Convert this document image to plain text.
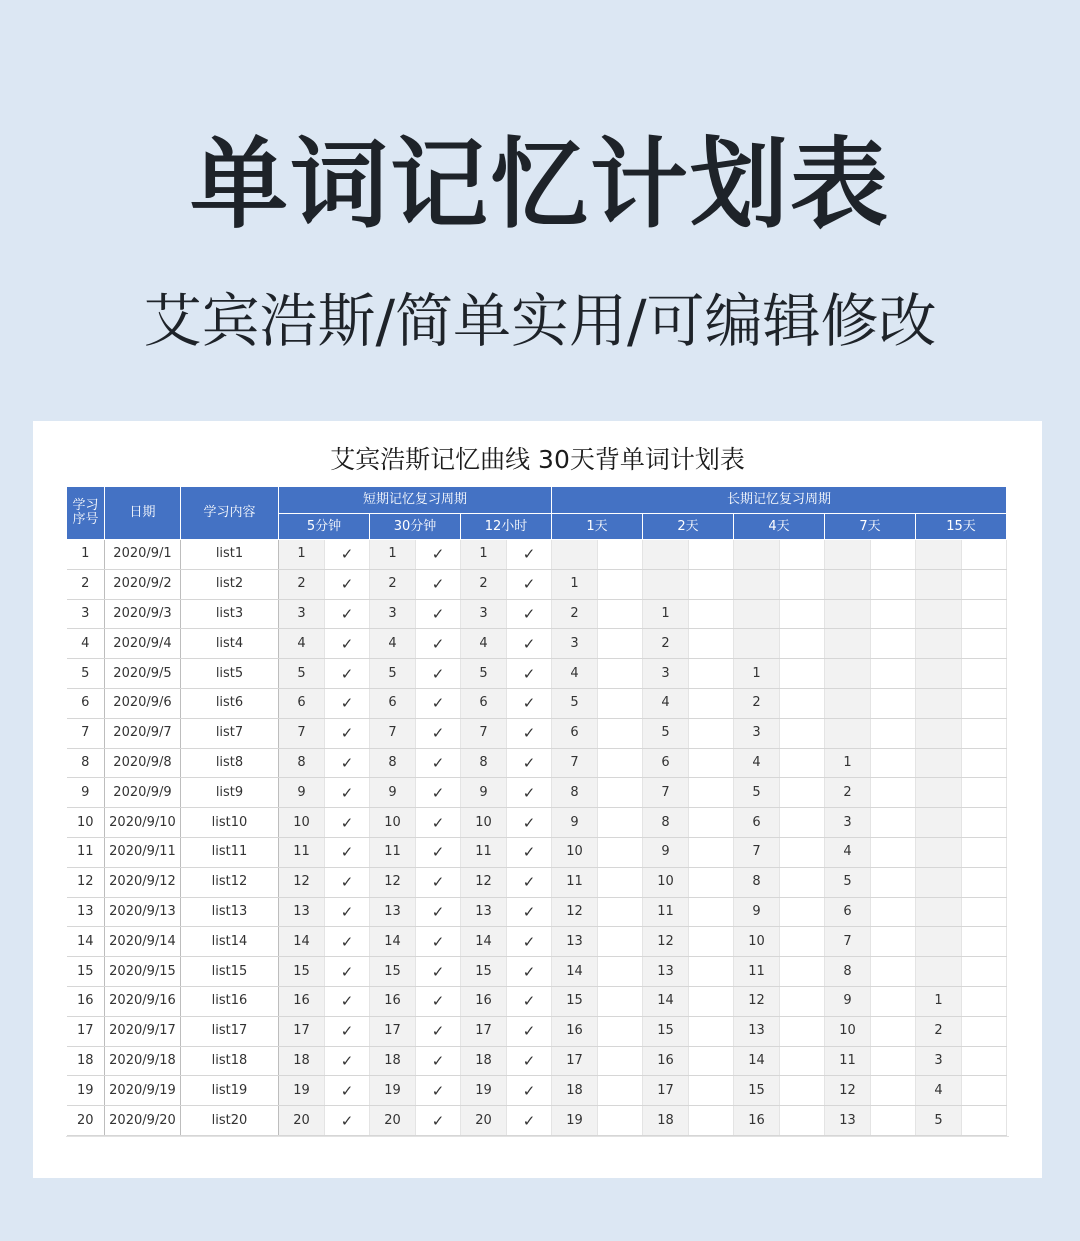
单词记忆计划表
艾宾浩斯/简单实用/可编辑修改
艾宾浩斯记忆曲线 30天背单词计划表
学习
序号	日期	学习内容	短期记忆复习周期						长期记忆复习周期									
			5分钟		30分钟		12小时		1天		2天		4天		7天		15天	
1	2020/9/1	list1	1	✓	1	✓	1	✓										
2	2020/9/2	list2	2	✓	2	✓	2	✓	1									
3	2020/9/3	list3	3	✓	3	✓	3	✓	2		1							
4	2020/9/4	list4	4	✓	4	✓	4	✓	3		2							
5	2020/9/5	list5	5	✓	5	✓	5	✓	4		3		1					
6	2020/9/6	list6	6	✓	6	✓	6	✓	5		4		2					
7	2020/9/7	list7	7	✓	7	✓	7	✓	6		5		3					
8	2020/9/8	list8	8	✓	8	✓	8	✓	7		6		4		1			
9	2020/9/9	list9	9	✓	9	✓	9	✓	8		7		5		2			
10	2020/9/10	list10	10	✓	10	✓	10	✓	9		8		6		3			
11	2020/9/11	list11	11	✓	11	✓	11	✓	10		9		7		4			
12	2020/9/12	list12	12	✓	12	✓	12	✓	11		10		8		5			
13	2020/9/13	list13	13	✓	13	✓	13	✓	12		11		9		6			
14	2020/9/14	list14	14	✓	14	✓	14	✓	13		12		10		7			
15	2020/9/15	list15	15	✓	15	✓	15	✓	14		13		11		8			
16	2020/9/16	list16	16	✓	16	✓	16	✓	15		14		12		9		1	
17	2020/9/17	list17	17	✓	17	✓	17	✓	16		15		13		10		2	
18	2020/9/18	list18	18	✓	18	✓	18	✓	17		16		14		11		3	
19	2020/9/19	list19	19	✓	19	✓	19	✓	18		17		15		12		4	
20	2020/9/20	list20	20	✓	20	✓	20	✓	19		18		16		13		5	
